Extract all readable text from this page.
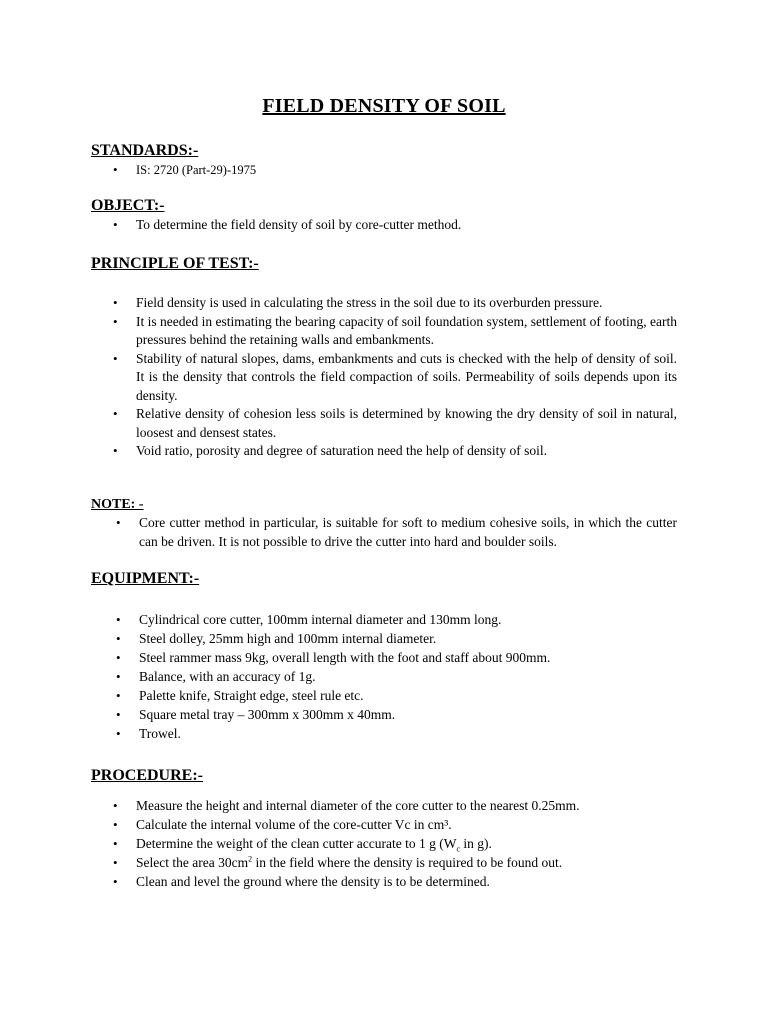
FIELD DENSITY OF SOIL
STANDARDS:-
• IS: 2720 (Part-29)-1975
OBJECT:-
• To determine the field density of soil by core-cutter method.
PRINCIPLE OF TEST:-
• Field density is used in calculating the stress in the soil due to its overburden pressure.
• It is needed in estimating the bearing capacity of soil foundation system, settlement of footing, earth pressures behind the retaining walls and embankments.
• Stability of natural slopes, dams, embankments and cuts is checked with the help of density of soil. It is the density that controls the field compaction of soils. Permeability of soils depends upon its density.
• Relative density of cohesion less soils is determined by knowing the dry density of soil in natural, loosest and densest states.
• Void ratio, porosity and degree of saturation need the help of density of soil.
NOTE: -
• Core cutter method in particular, is suitable for soft to medium cohesive soils, in which the cutter can be driven. It is not possible to drive the cutter into hard and boulder soils.
EQUIPMENT:-
• Cylindrical core cutter, 100mm internal diameter and 130mm long.
• Steel dolley, 25mm high and 100mm internal diameter.
• Steel rammer mass 9kg, overall length with the foot and staff about 900mm.
• Balance, with an accuracy of 1g.
• Palette knife, Straight edge, steel rule etc.
• Square metal tray – 300mm x 300mm x 40mm.
• Trowel.
PROCEDURE:-
• Measure the height and internal diameter of the core cutter to the nearest 0.25mm.
• Calculate the internal volume of the core-cutter Vc in cm³.
• Determine the weight of the clean cutter accurate to 1 g ($W_c$ in g).
• Select the area $30cm^2$ in the field where the density is required to be found out.
• Clean and level the ground where the density is to be determined.
